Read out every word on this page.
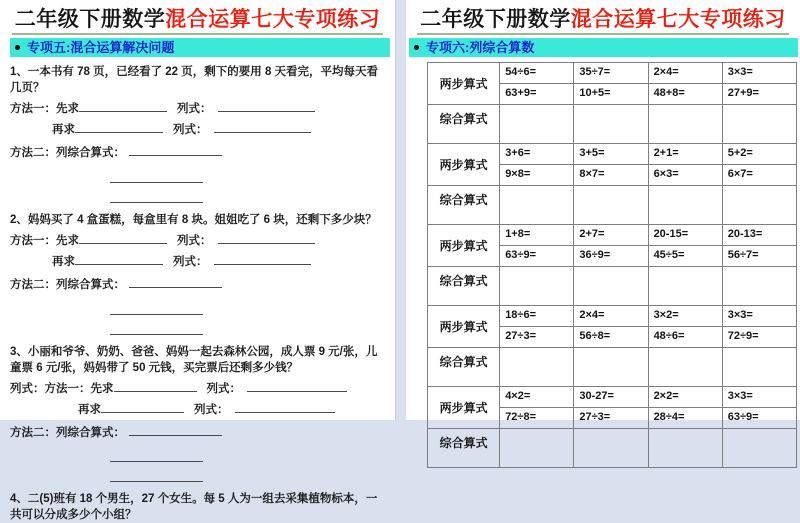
二年级下册数学混合运算七大专项练习
专项五:混合运算解决问题
1、一本书有 78 页，已经看了 22 页，剩下的要用 8 天看完，平均每天看几页？
方法一：先求	列式：
再求	列式：
方法二：列综合算式：
2、妈妈买了 4 盒蛋糕，每盒里有 8 块。姐姐吃了 6 块，还剩下多少块？
方法一：先求	列式：
再求	列式：
方法二：列综合算式：
3、小丽和爷爷、奶奶、爸爸、妈妈一起去森林公园，成人票 9 元/张，儿童票 6 元/张，妈妈带了 50 元钱，买完票后还剩多少钱？
列式：方法一：先求	列式：
再求	列式：
方法二：列综合算式：
4、二(5)班有 18 个男生，27 个女生。每 5 人为一组去采集植物标本，一共可以分成多少个小组？
二年级下册数学混合运算七大专项练习
专项六:列综合算数
两步算式	54÷6=	35÷7=	2×4=	3×3=
	63+9=	10+5=	48+8=	27+9=
综合算式				
两步算式	3+6=	3+5=	2+1=	5+2=
	9×8=	8×7=	6×3=	6×7=
综合算式				
两步算式	1+8=	2+7=	20-15=	20-13=
	63÷9=	36÷9=	45÷5=	56÷7=
综合算式				
两步算式	18÷6=	2×4=	3×2=	3×3=
	27÷3=	56÷8=	48÷6=	72÷9=
综合算式				
两步算式	4×2=	30-27=	2×2=	3×3=
	72÷8=	27÷3=	28÷4=	63÷9=
综合算式				
